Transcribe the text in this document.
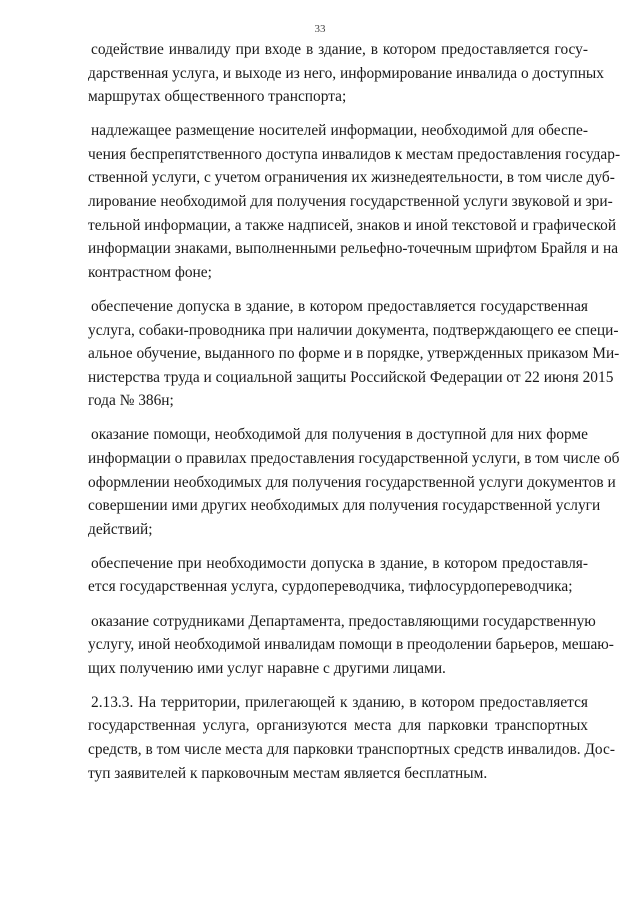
33
содействие инвалиду при входе в здание, в котором предоставляется госу-
дарственная услуга, и выходе из него, информирование инвалида о доступных
маршрутах общественного транспорта;
надлежащее размещение носителей информации, необходимой для обеспе-
чения беспрепятственного доступа инвалидов к местам предоставления государ-
ственной услуги, с учетом ограничения их жизнедеятельности, в том числе дуб-
лирование необходимой для получения государственной услуги звуковой и зри-
тельной информации, а также надписей, знаков и иной текстовой и графической
информации знаками, выполненными рельефно-точечным шрифтом Брайля и на
контрастном фоне;
обеспечение допуска в здание, в котором предоставляется государственная
услуга, собаки-проводника при наличии документа, подтверждающего ее специ-
альное обучение, выданного по форме и в порядке, утвержденных приказом Ми-
нистерства труда и социальной защиты Российской Федерации от 22 июня 2015
года № 386н;
оказание помощи, необходимой для получения в доступной для них форме
информации о правилах предоставления государственной услуги, в том числе об
оформлении необходимых для получения государственной услуги документов и
совершении ими других необходимых для получения государственной услуги
действий;
обеспечение при необходимости допуска в здание, в котором предоставля-
ется государственная услуга, сурдопереводчика, тифлосурдопереводчика;
оказание сотрудниками Департамента, предоставляющими государственную
услугу, иной необходимой инвалидам помощи в преодолении барьеров, мешаю-
щих получению ими услуг наравне с другими лицами.
2.13.3. На территории, прилегающей к зданию, в котором предоставляется
государственная услуга, организуются места для парковки транспортных
средств, в том числе места для парковки транспортных средств инвалидов. Дос-
туп заявителей к парковочным местам является бесплатным.
